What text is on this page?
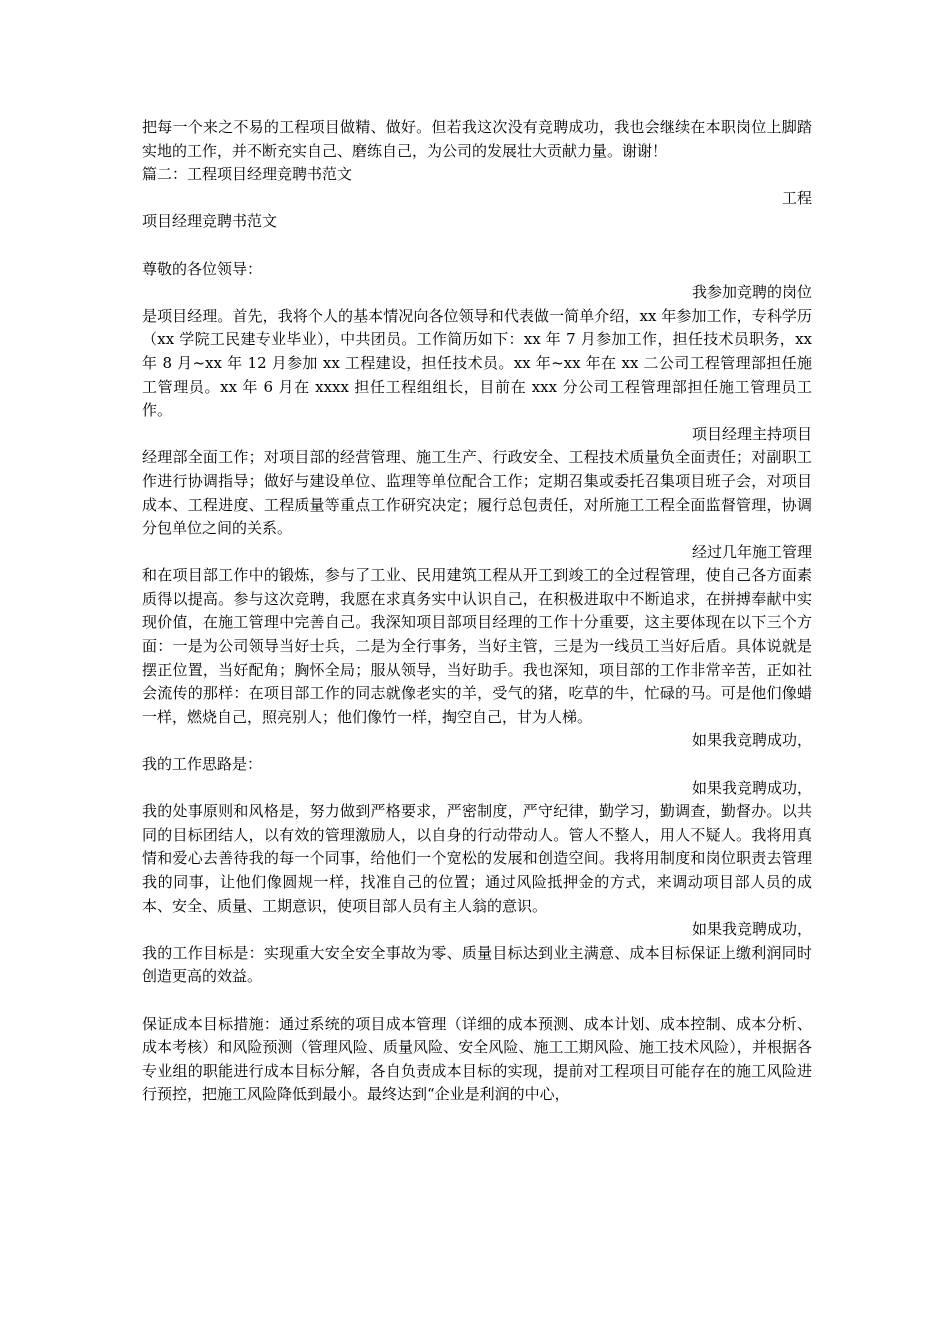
把每一个来之不易的工程项目做精、做好。但若我这次没有竞聘成功，我也会继续在本职岗位上脚踏实地的工作，并不断充实自己、磨练自己，为公司的发展壮大贡献力量。谢谢！
篇二：工程项目经理竞聘书范文
工程
项目经理竞聘书范文
尊敬的各位领导：
我参加竞聘的岗位
是项目经理。首先，我将个人的基本情况向各位领导和代表做一简单介绍，xx 年参加工作，专科学历（xx 学院工民建专业毕业），中共团员。工作简历如下：xx 年 7 月参加工作，担任技术员职务，xx 年 8 月~xx 年 12 月参加 xx 工程建设，担任技术员。xx 年~xx 年在 xx 二公司工程管理部担任施工管理员。xx 年 6 月在 xxxx 担任工程组组长，目前在 xxx 分公司工程管理部担任施工管理员工作。
项目经理主持项目
经理部全面工作；对项目部的经营管理、施工生产、行政安全、工程技术质量负全面责任；对副职工作进行协调指导；做好与建设单位、监理等单位配合工作；定期召集或委托召集项目班子会，对项目成本、工程进度、工程质量等重点工作研究决定；履行总包责任，对所施工工程全面监督管理，协调分包单位之间的关系。
经过几年施工管理
和在项目部工作中的锻炼，参与了工业、民用建筑工程从开工到竣工的全过程管理，使自己各方面素质得以提高。参与这次竞聘，我愿在求真务实中认识自己，在积极进取中不断追求，在拼搏奉献中实现价值，在施工管理中完善自己。我深知项目部项目经理的工作十分重要，这主要体现在以下三个方面：一是为公司领导当好士兵，二是为全行事务，当好主管，三是为一线员工当好后盾。具体说就是摆正位置，当好配角；胸怀全局；服从领导，当好助手。我也深知，项目部的工作非常辛苦，正如社会流传的那样：在项目部工作的同志就像老实的羊，受气的猪，吃草的牛，忙碌的马。可是他们像蜡一样，燃烧自己，照亮别人；他们像竹一样，掏空自己，甘为人梯。
如果我竞聘成功，
我的工作思路是：
如果我竞聘成功，
我的处事原则和风格是，努力做到严格要求，严密制度，严守纪律，勤学习，勤调查，勤督办。以共同的目标团结人，以有效的管理激励人，以自身的行动带动人。管人不整人，用人不疑人。我将用真情和爱心去善待我的每一个同事，给他们一个宽松的发展和创造空间。我将用制度和岗位职责去管理我的同事，让他们像圆规一样，找准自己的位置；通过风险抵押金的方式，来调动项目部人员的成本、安全、质量、工期意识，使项目部人员有主人翁的意识。
如果我竞聘成功，
我的工作目标是：实现重大安全安全事故为零、质量目标达到业主满意、成本目标保证上缴利润同时创造更高的效益。
保证成本目标措施：通过系统的项目成本管理（详细的成本预测、成本计划、成本控制、成本分析、成本考核）和风险预测（管理风险、质量风险、安全风险、施工工期风险、施工技术风险），并根据各专业组的职能进行成本目标分解，各自负责成本目标的实现，提前对工程项目可能存在的施工风险进行预控，把施工风险降低到最小。最终达到“企业是利润的中心，
